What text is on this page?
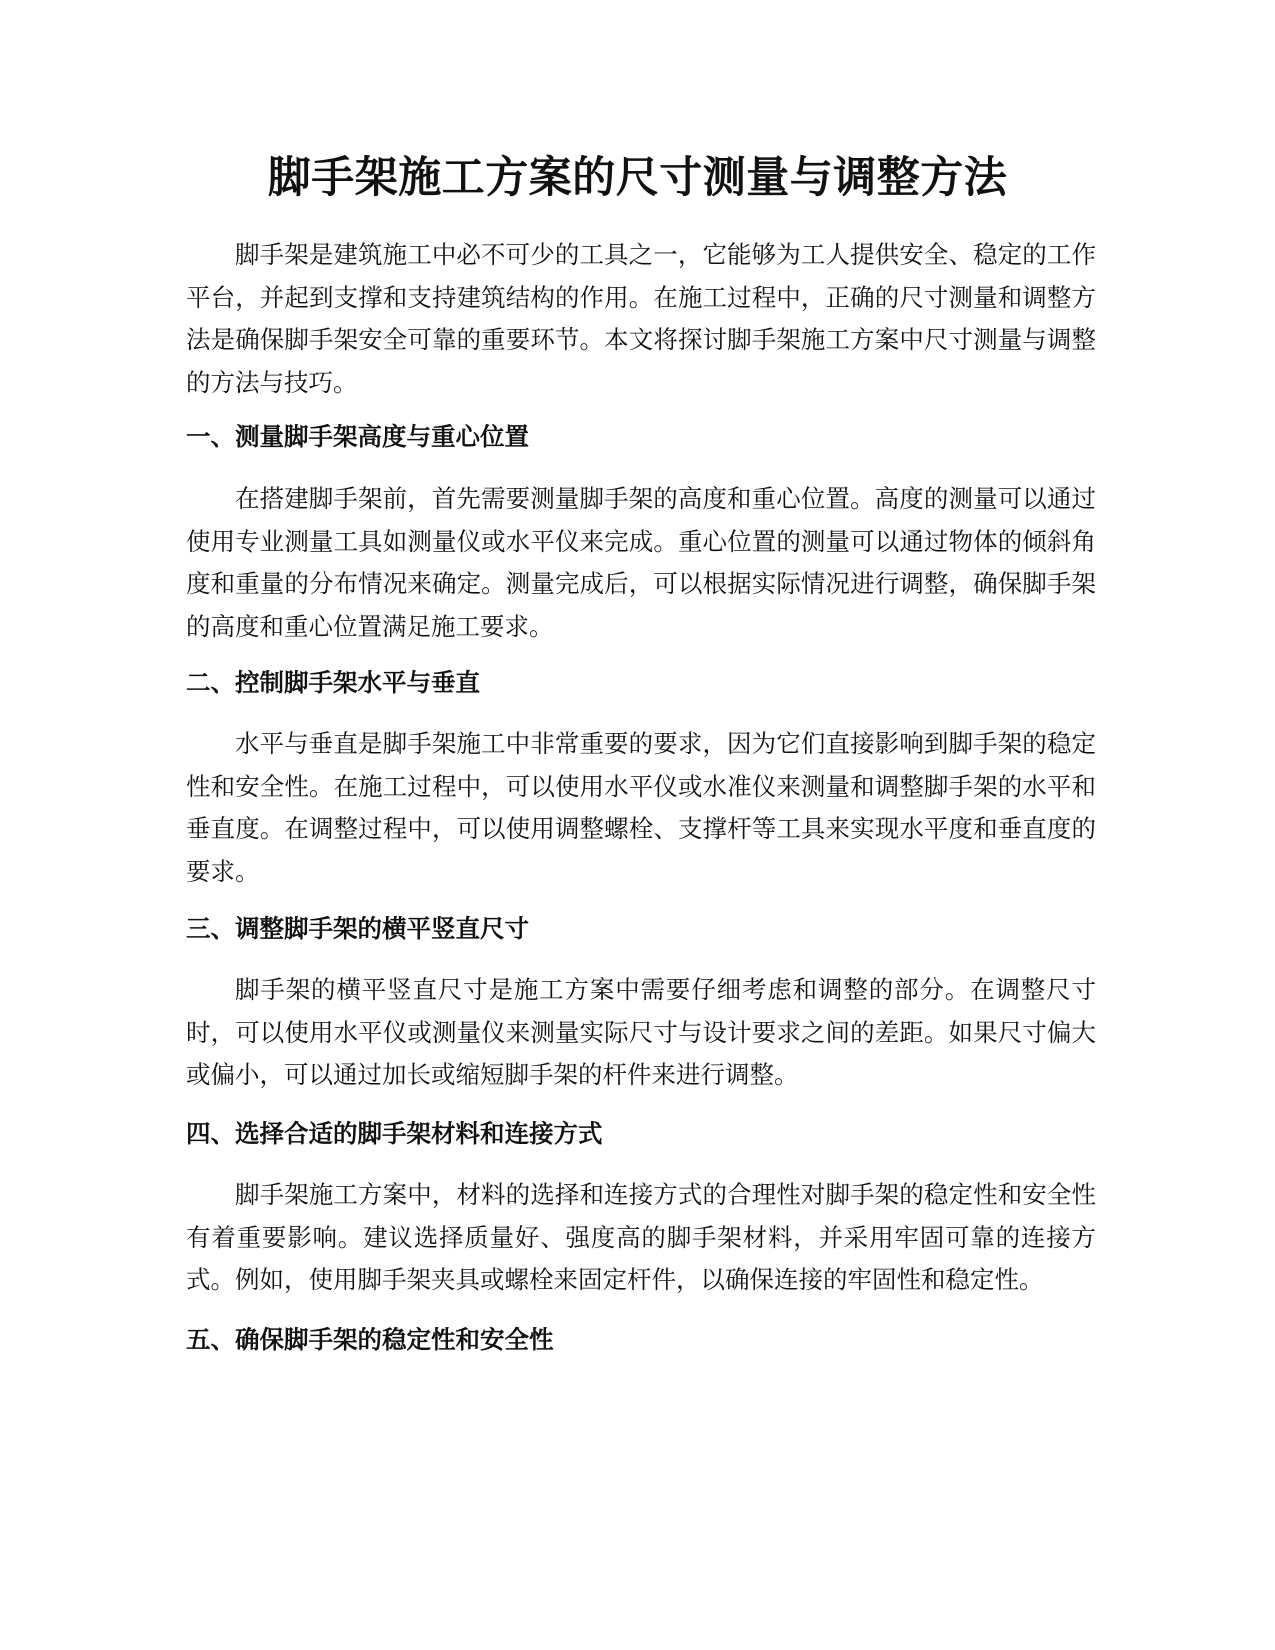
脚手架施工方案的尺寸测量与调整方法

脚手架是建筑施工中必不可少的工具之一，它能够为工人提供安全、稳定的工作平台，并起到支撑和支持建筑结构的作用。在施工过程中，正确的尺寸测量和调整方法是确保脚手架安全可靠的重要环节。本文将探讨脚手架施工方案中尺寸测量与调整的方法与技巧。

一、测量脚手架高度与重心位置

在搭建脚手架前，首先需要测量脚手架的高度和重心位置。高度的测量可以通过使用专业测量工具如测量仪或水平仪来完成。重心位置的测量可以通过物体的倾斜角度和重量的分布情况来确定。测量完成后，可以根据实际情况进行调整，确保脚手架的高度和重心位置满足施工要求。

二、控制脚手架水平与垂直

水平与垂直是脚手架施工中非常重要的要求，因为它们直接影响到脚手架的稳定性和安全性。在施工过程中，可以使用水平仪或水准仪来测量和调整脚手架的水平和垂直度。在调整过程中，可以使用调整螺栓、支撑杆等工具来实现水平度和垂直度的要求。

三、调整脚手架的横平竖直尺寸

脚手架的横平竖直尺寸是施工方案中需要仔细考虑和调整的部分。在调整尺寸时，可以使用水平仪或测量仪来测量实际尺寸与设计要求之间的差距。如果尺寸偏大或偏小，可以通过加长或缩短脚手架的杆件来进行调整。

四、选择合适的脚手架材料和连接方式

脚手架施工方案中，材料的选择和连接方式的合理性对脚手架的稳定性和安全性有着重要影响。建议选择质量好、强度高的脚手架材料，并采用牢固可靠的连接方式。例如，使用脚手架夹具或螺栓来固定杆件，以确保连接的牢固性和稳定性。

五、确保脚手架的稳定性和安全性
